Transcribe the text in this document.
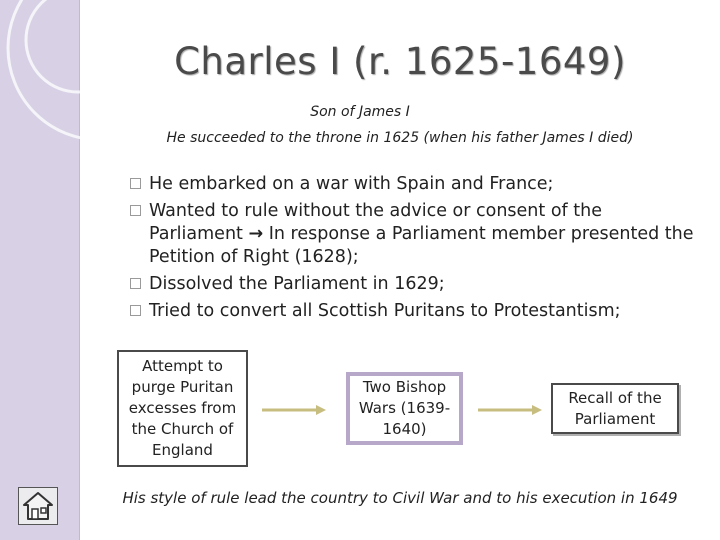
Charles I (r. 1625-1649)
Son of James I
He succeeded to the throne in 1625 (when his father James I died)
He embarked on a war with Spain and France;
Wanted to rule without the advice or consent of the Parliament → In response a Parliament member presented the Petition of Right (1628);
Dissolved the Parliament in 1629;
Tried to convert all Scottish Puritans to Protestantism;
Attempt to purge Puritan excesses from the Church of England
Two Bishop Wars (1639-1640)
Recall of the Parliament
His style of rule lead the country to Civil War and to his execution in 1649
